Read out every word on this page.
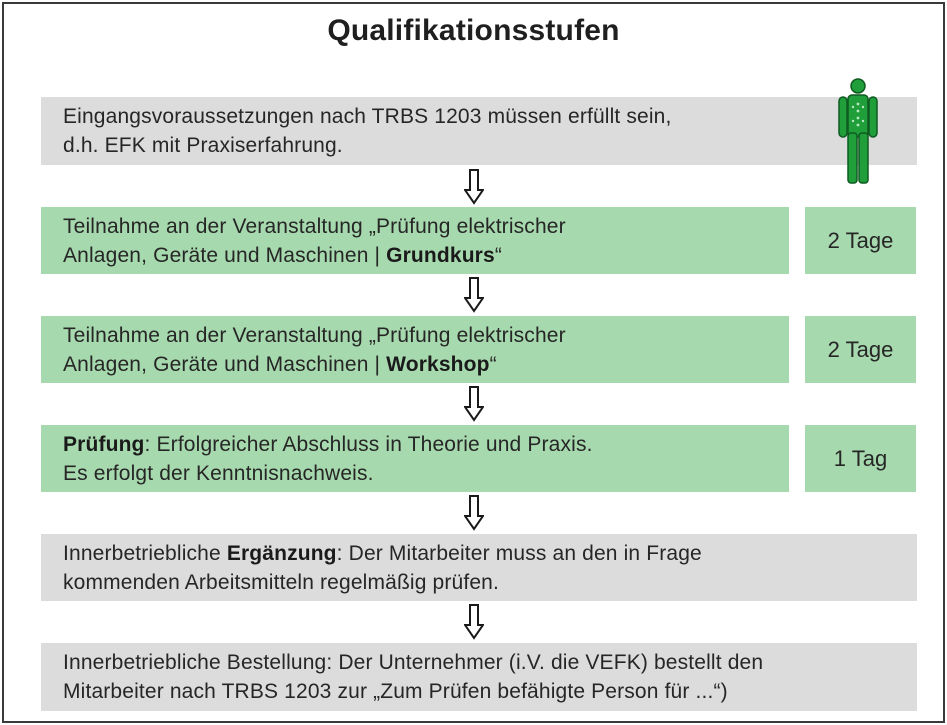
Qualifikationsstufen
Eingangsvoraussetzungen nach TRBS 1203 müssen erfüllt sein,
d.h. EFK mit Praxiserfahrung.
Teilnahme an der Veranstaltung „Prüfung elektrischer
Anlagen, Geräte und Maschinen | Grundkurs“
2 Tage
Teilnahme an der Veranstaltung „Prüfung elektrischer
Anlagen, Geräte und Maschinen | Workshop“
2 Tage
Prüfung: Erfolgreicher Abschluss in Theorie und Praxis.
Es erfolgt der Kenntnisnachweis.
1 Tag
Innerbetriebliche Ergänzung: Der Mitarbeiter muss an den in Frage
kommenden Arbeitsmitteln regelmäßig prüfen.
Innerbetriebliche Bestellung: Der Unternehmer (i.V. die VEFK) bestellt den
Mitarbeiter nach TRBS 1203 zur „Zum Prüfen befähigte Person für ...“)
